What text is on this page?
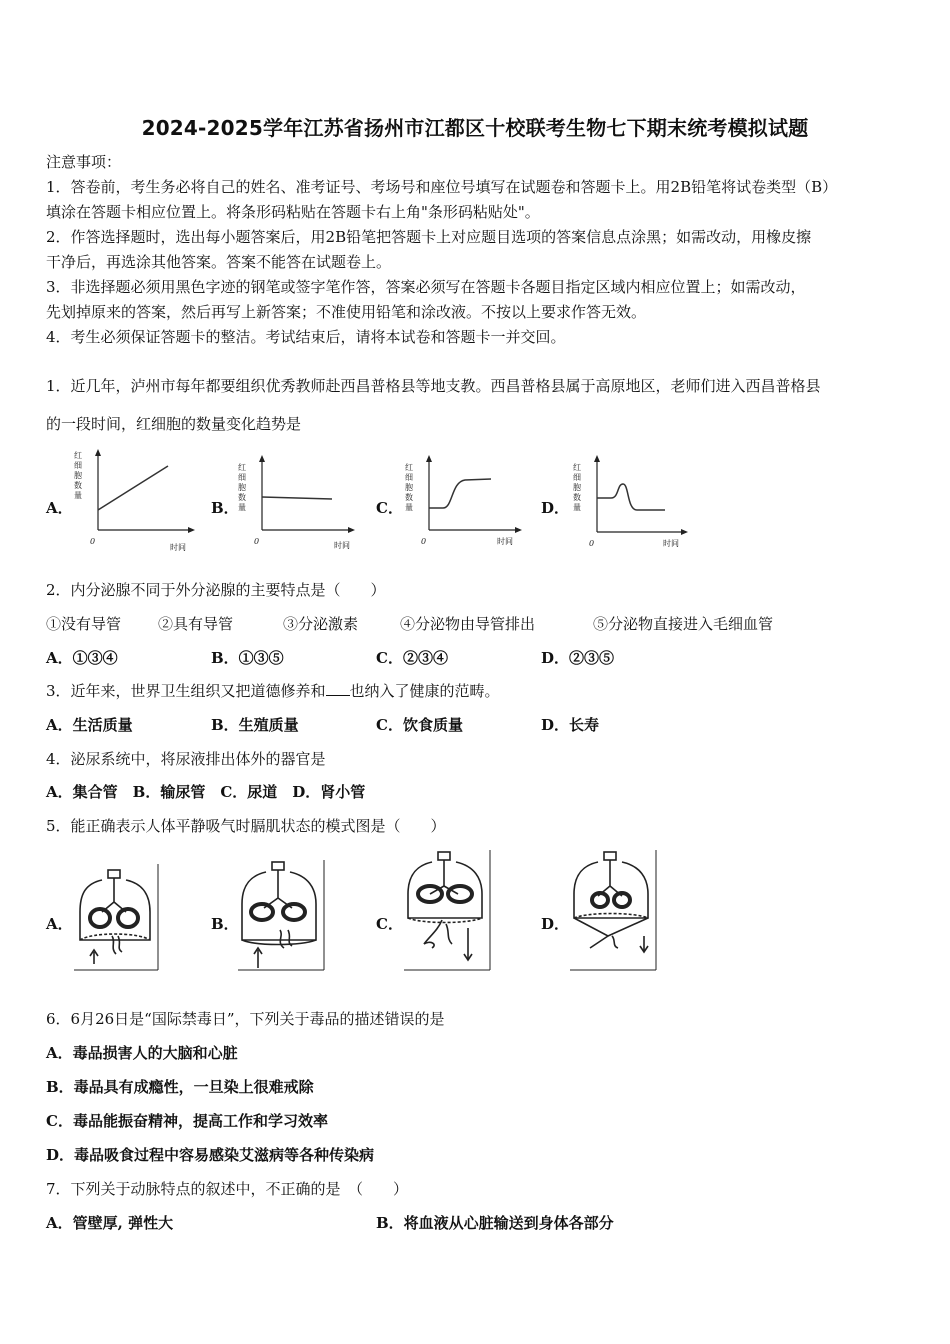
2024-2025学年江苏省扬州市江都区十校联考生物七下期末统考模拟试题
注意事项：
1．答卷前，考生务必将自己的姓名、准考证号、考场号和座位号填写在试题卷和答题卡上。用2B铅笔将试卷类型（B）
填涂在答题卡相应位置上。将条形码粘贴在答题卡右上角"条形码粘贴处"。
2．作答选择题时，选出每小题答案后，用2B铅笔把答题卡上对应题目选项的答案信息点涂黑；如需改动，用橡皮擦
干净后，再选涂其他答案。答案不能答在试题卷上。
3．非选择题必须用黑色字迹的钢笔或签字笔作答，答案必须写在答题卡各题目指定区域内相应位置上；如需改动，
先划掉原来的答案，然后再写上新答案；不准使用铅笔和涂改液。不按以上要求作答无效。
4．考生必须保证答题卡的整洁。考试结束后，请将本试卷和答题卡一并交回。
1．近几年，泸州市每年都要组织优秀教师赴西昌普格县等地支教。西昌普格县属于高原地区，老师们进入西昌普格县
的一段时间，红细胞的数量变化趋势是
A．	B．	C．	D．
红
细
胞
数
量
0
时间
红
细
胞
数
量
0	时间
红
细
胞
数
量
0	时间
红
细
胞
数
量
0	时间
2．内分泌腺不同于外分泌腺的主要特点是（　　）
①没有导管 ②具有导管	③分泌激素	④分泌物由导管排出	⑤分泌物直接进入毛细血管
A．①③④	B．①③⑤	C．②③④	D．②③⑤
3．近年来，世界卫生组织又把道德修养和 也纳入了健康的范畴。
A．生活质量	B．生殖质量	C．饮食质量	D．长寿
4．泌尿系统中，将尿液排出体外的器官是
A．集合管　B．输尿管　C．尿道　D．肾小管
5．能正确表示人体平静吸气时膈肌状态的模式图是（　　）
A．	B．	C．	D．
6．6月26日是“国际禁毒日”，下列关于毒品的描述错误的是
A．毒品损害人的大脑和心脏
B．毒品具有成瘾性，一旦染上很难戒除
C．毒品能振奋精神，提高工作和学习效率
D．毒品吸食过程中容易感染艾滋病等各种传染病
7．下列关于动脉特点的叙述中，不正确的是　（　　）
A．管壁厚, 弹性大	B．将血液从心脏输送到身体各部分
